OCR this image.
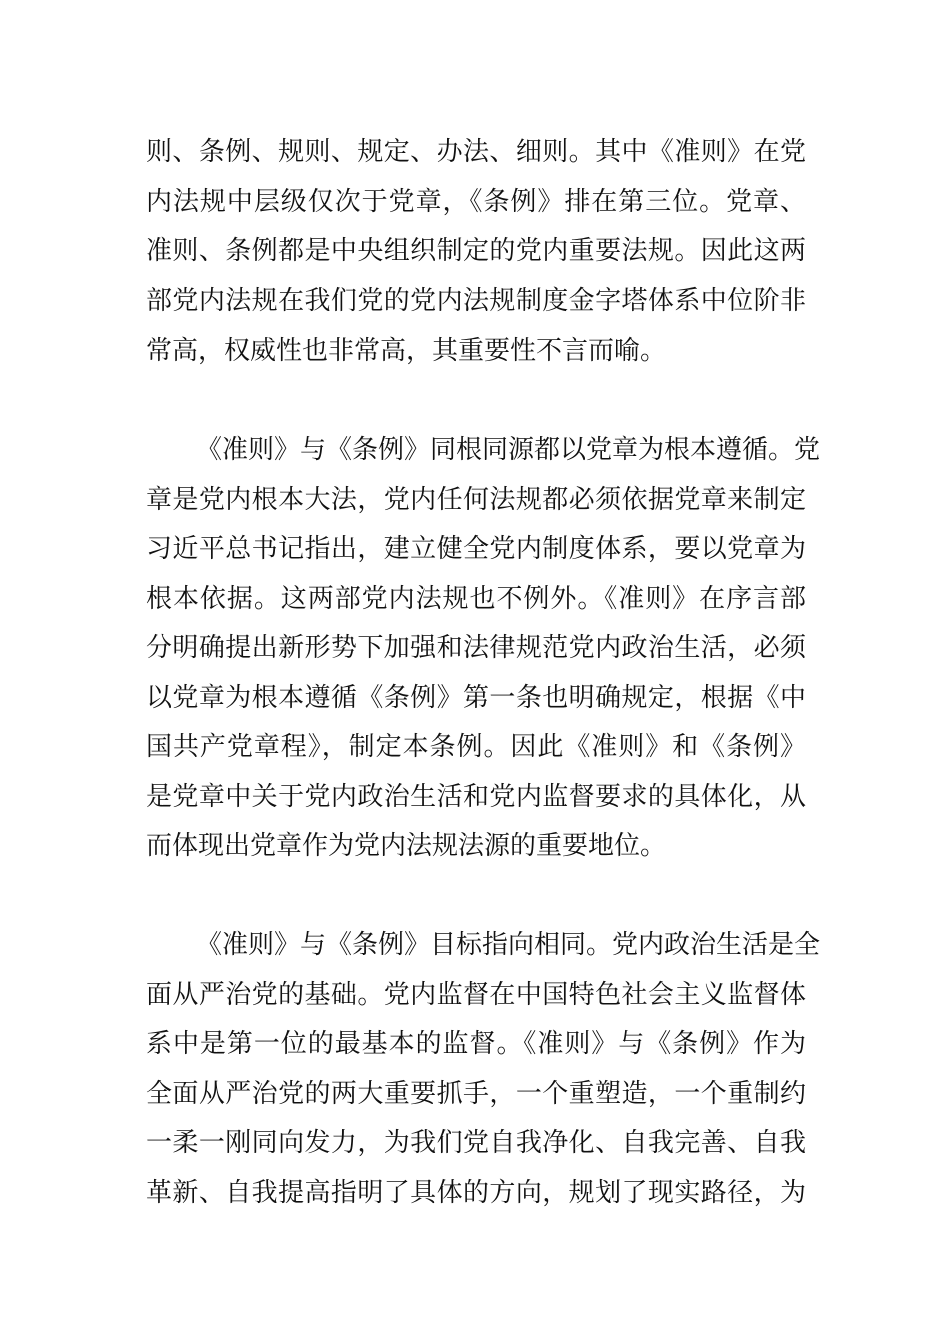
则、条例、规则、规定、办法、细则。其中《准则》在党
内法规中层级仅次于党章，《条例》排在第三位。党章、
准则、条例都是中央组织制定的党内重要法规。因此这两
部党内法规在我们党的党内法规制度金字塔体系中位阶非
常高，权威性也非常高，其重要性不言而喻。
《准则》与《条例》同根同源都以党章为根本遵循。党
章是党内根本大法，党内任何法规都必须依据党章来制定
习近平总书记指出，建立健全党内制度体系，要以党章为
根本依据。这两部党内法规也不例外。《准则》在序言部
分明确提出新形势下加强和法律规范党内政治生活，必须
以党章为根本遵循《条例》第一条也明确规定，根据《中
国共产党章程》，制定本条例。因此《准则》和《条例》
是党章中关于党内政治生活和党内监督要求的具体化，从
而体现出党章作为党内法规法源的重要地位。
《准则》与《条例》目标指向相同。党内政治生活是全
面从严治党的基础。党内监督在中国特色社会主义监督体
系中是第一位的最基本的监督。《准则》与《条例》作为
全面从严治党的两大重要抓手，一个重塑造，一个重制约
一柔一刚同向发力，为我们党自我净化、自我完善、自我
革新、自我提高指明了具体的方向，规划了现实路径，为
